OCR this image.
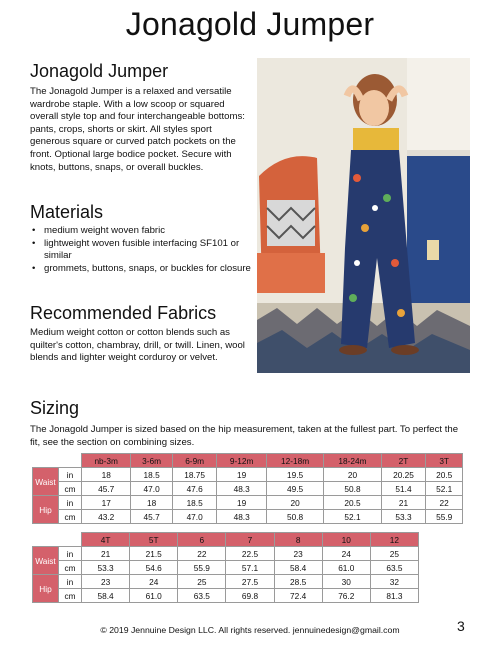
Jonagold Jumper
Jonagold Jumper
The Jonagold Jumper is a relaxed and versatile wardrobe staple. With a low scoop or squared overall style top and four interchangeable bottoms: pants, crops, shorts or skirt. All styles sport generous square or curved patch pockets on the front. Optional large bodice pocket. Secure with knots, buttons, snaps, or overall buckles.
Materials
• medium weight woven fabric
• lightweight woven fusible interfacing SF101 or similar
• grommets, buttons, snaps, or buckles for closure
Recommended Fabrics
Medium weight cotton or cotton blends such as quilter's cotton, chambray, drill, or twill. Linen, wool blends and lighter weight corduroy or velvet.
Sizing
The Jonagold Jumper is sized based on the hip measurement, taken at the fullest part. To perfect the fit, see the section on combining sizes.
		nb-3m	3-6m	6-9m	9-12m	12-18m	18-24m	2T	3T
Waist	in	18	18.5	18.75	19	19.5	20	20.25	20.5
	cm	45.7	47.0	47.6	48.3	49.5	50.8	51.4	52.1
Hip	in	17	18	18.5	19	20	20.5	21	22
	cm	43.2	45.7	47.0	48.3	50.8	52.1	53.3	55.9
		4T	5T	6	7	8	10	12
Waist	in	21	21.5	22	22.5	23	24	25
	cm	53.3	54.6	55.9	57.1	58.4	61.0	63.5
Hip	in	23	24	25	27.5	28.5	30	32
	cm	58.4	61.0	63.5	69.8	72.4	76.2	81.3
© 2019 Jennuine Design LLC. All rights reserved. jennuinedesign@gmail.com	3
